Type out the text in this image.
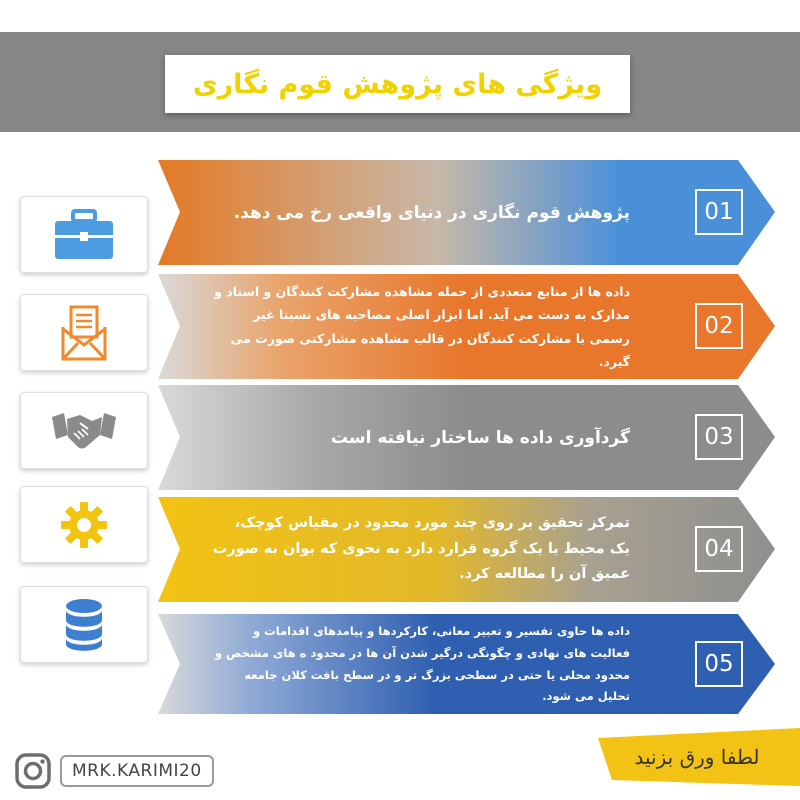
ویژگی های پژوهش قوم نگاری
پژوهش قوم نگاری در دنیای واقعی رخ می دهد.	01
داده ها از منابع متعددی از جمله مشاهده مشارکت کنندگان و اسناد و مدارک به دست می آید. اما ابزار اصلی مصاحبه های نسبتا غیر رسمی با مشارکت کنندگان در قالب مشاهده مشارکتی صورت می گیرد.
02
گردآوری داده ها ساختار نیافته است	03
تمرکز تحقیق بر روی چند مورد محدود در مقیاس کوچک، یک محیط یا یک گروه قرارد دارد به نحوی که بوان به صورت عمیق آن را مطالعه کرد.
04
داده ها حاوی تفسیر و تعبیر معانی، کارکردها و پیامدهای اقدامات و فعالیت های نهادی و چگونگی درگیر شدن آن ها در محدود ه های مشخص و محدود محلی یا حتی در سطحی بزرگ تر و در سطح بافت کلان جامعه تحلیل می شود.
05
MRK.KARIMI20
لطفا ورق بزنید
